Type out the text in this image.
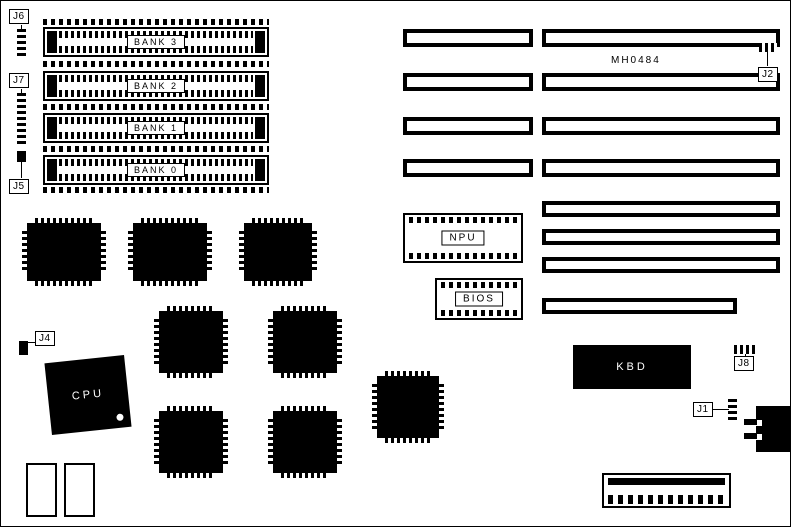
BANK 3
BANK 2
BANK 1
BANK 0
J6
J7
J5
MH0484
J2
NPU
BIOS
KBD	J8
J1
J4
CPU
